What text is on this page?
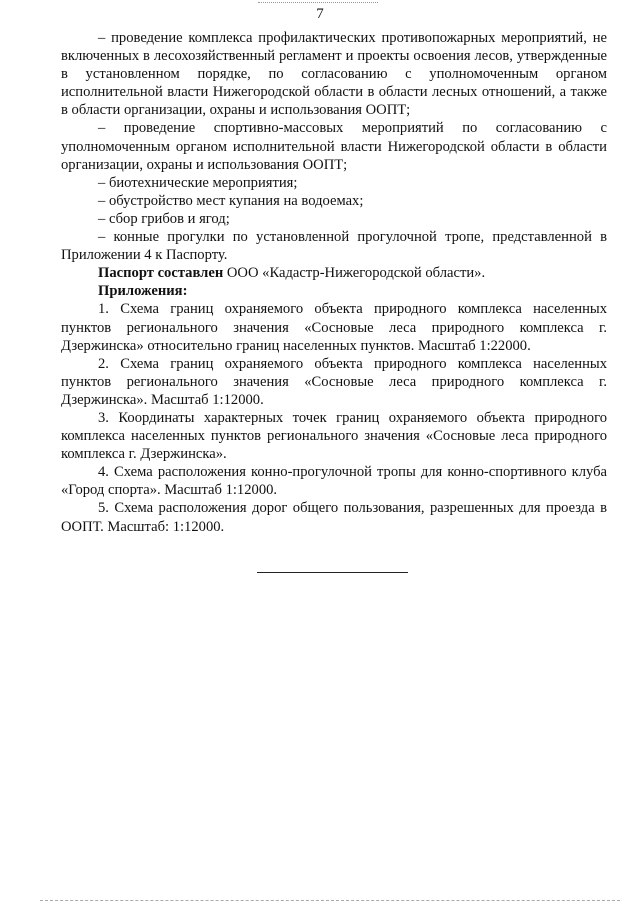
7

– проведение комплекса профилактических противопожарных мероприятий, не включенных в лесохозяйственный регламент и проекты освоения лесов, утвержденные в установленном порядке, по согласованию с уполномоченным органом исполнительной власти Нижегородской области в области лесных отношений, а также в области организации, охраны и использования ООПТ;

– проведение спортивно-массовых мероприятий по согласованию с уполномоченным органом исполнительной власти Нижегородской области в области организации, охраны и использования ООПТ;

– биотехнические мероприятия;

– обустройство мест купания на водоемах;

– сбор грибов и ягод;

– конные прогулки по установленной прогулочной тропе, представленной в Приложении 4 к Паспорту.

Паспорт составлен ООО «Кадастр-Нижегородской области».

Приложения:

1. Схема границ охраняемого объекта природного комплекса населенных пунктов регионального значения «Сосновые леса природного комплекса г. Дзержинска» относительно границ населенных пунктов. Масштаб 1:22000.

2. Схема границ охраняемого объекта природного комплекса населенных пунктов регионального значения «Сосновые леса природного комплекса г. Дзержинска». Масштаб 1:12000.

3. Координаты характерных точек границ охраняемого объекта природного комплекса населенных пунктов регионального значения «Сосновые леса природного комплекса г. Дзержинска».

4. Схема расположения конно-прогулочной тропы для конно-спортивного клуба «Город спорта». Масштаб 1:12000.

5. Схема расположения дорог общего пользования, разрешенных для проезда в ООПТ. Масштаб: 1:12000.
